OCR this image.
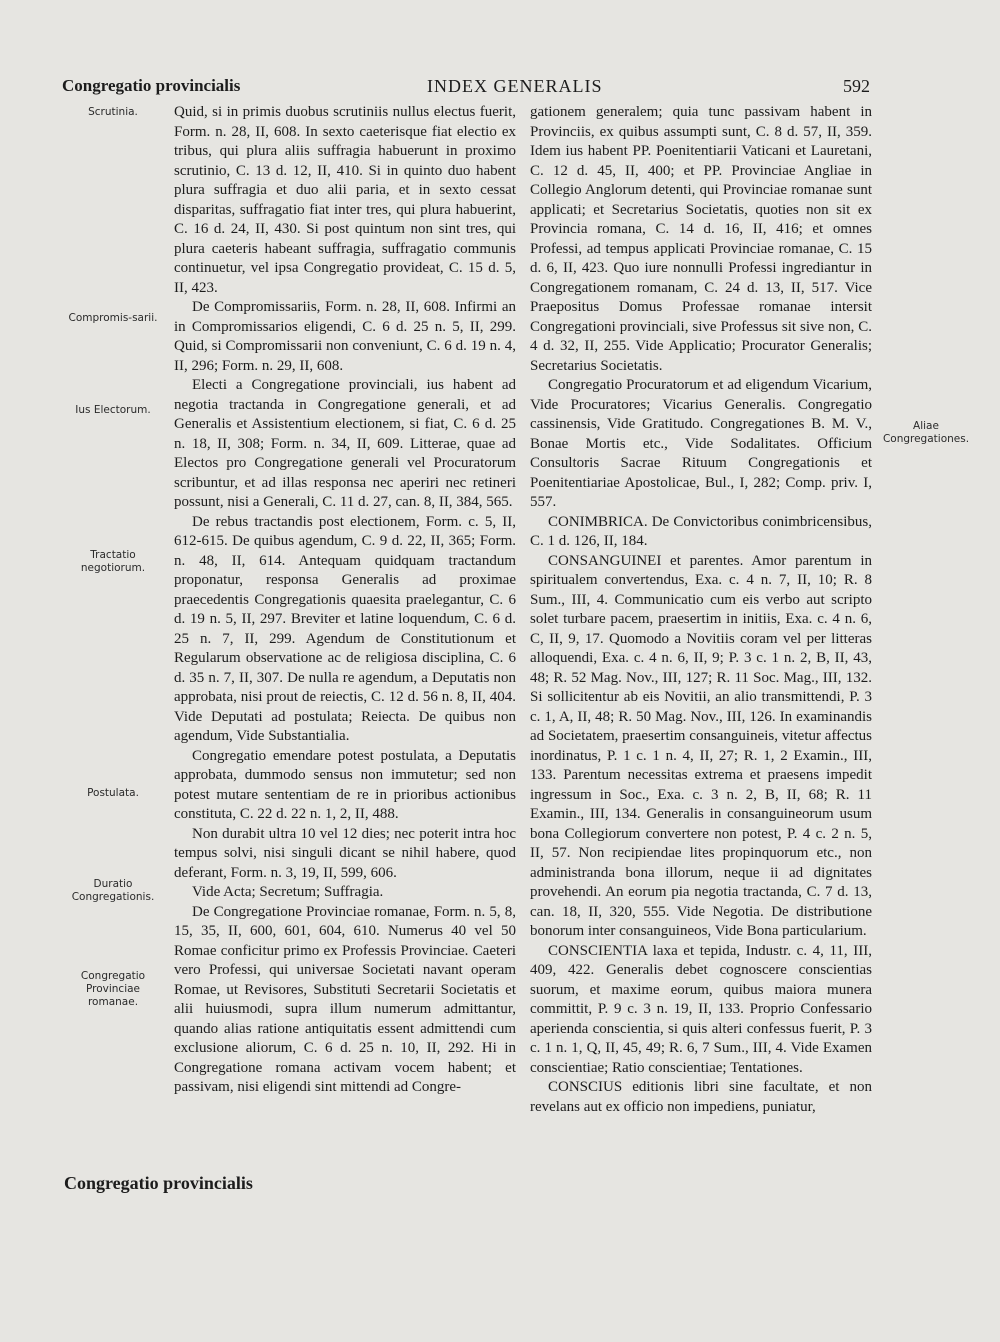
Congregatio provincialis	INDEX GENERALIS	592
Scrutinia.
Compromis-sarii.
Ius Electorum.
Tractatio negotiorum.
Postulata.
Duratio Congregationis.
Congregatio Provinciae romanae.
Aliae Congregationes.

Quid, si in primis duobus scrutiniis nullus electus fuerit, Form. n. 28, II, 608. In sexto caeterisque fiat electio ex tribus, qui plura aliis suffragia habuerunt in proximo scrutinio, C. 13 d. 12, II, 410. Si in quinto duo habent plura suffragia et duo alii paria, et in sexto cessat disparitas, suffragatio fiat inter tres, qui plura habuerint, C. 16 d. 24, II, 430. Si post quintum non sint tres, qui plura caeteris habeant suffragia, suffragatio communis continuetur, vel ipsa Congregatio provideat, C. 15 d. 5, II, 423.

De Compromissariis, Form. n. 28, II, 608. Infirmi an in Compromissarios eligendi, C. 6 d. 25 n. 5, II, 299. Quid, si Compromissarii non conveniunt, C. 6 d. 19 n. 4, II, 296; Form. n. 29, II, 608.

Electi a Congregatione provinciali, ius habent ad negotia tractanda in Congregatione generali, et ad Generalis et Assistentium electionem, si fiat, C. 6 d. 25 n. 18, II, 308; Form. n. 34, II, 609. Litterae, quae ad Electos pro Congregatione generali vel Procuratorum scribuntur, et ad illas responsa nec aperiri nec retineri possunt, nisi a Generali, C. 11 d. 27, can. 8, II, 384, 565.

De rebus tractandis post electionem, Form. c. 5, II, 612-615. De quibus agendum, C. 9 d. 22, II, 365; Form. n. 48, II, 614. Antequam quidquam tractandum proponatur, responsa Generalis ad proximae praecedentis Congregationis quaesita praelegantur, C. 6 d. 19 n. 5, II, 297. Breviter et latine loquendum, C. 6 d. 25 n. 7, II, 299. Agendum de Constitutionum et Regularum observatione ac de religiosa disciplina, C. 6 d. 35 n. 7, II, 307. De nulla re agendum, a Deputatis non approbata, nisi prout de reiectis, C. 12 d. 56 n. 8, II, 404. Vide Deputati ad postulata; Reiecta. De quibus non agendum, Vide Substantialia.

Congregatio emendare potest postulata, a Deputatis approbata, dummodo sensus non immutetur; sed non potest mutare sententiam de re in prioribus actionibus constituta, C. 22 d. 22 n. 1, 2, II, 488.

Non durabit ultra 10 vel 12 dies; nec poterit intra hoc tempus solvi, nisi singuli dicant se nihil habere, quod deferant, Form. n. 3, 19, II, 599, 606.

Vide Acta; Secretum; Suffragia.

De Congregatione Provinciae romanae, Form. n. 5, 8, 15, 35, II, 600, 601, 604, 610. Numerus 40 vel 50 Romae conficitur primo ex Professis Provinciae. Caeteri vero Professi, qui universae Societati navant operam Romae, ut Revisores, Substituti Secretarii Societatis et alii huiusmodi, supra illum numerum admittantur, quando alias ratione antiquitatis essent admittendi cum exclusione aliorum, C. 6 d. 25 n. 10, II, 292. Hi in Congregatione romana activam vocem habent; et passivam, nisi eligendi sint mittendi ad Congre-

gationem generalem; quia tunc passivam habent in Provinciis, ex quibus assumpti sunt, C. 8 d. 57, II, 359. Idem ius habent PP. Poenitentiarii Vaticani et Lauretani, C. 12 d. 45, II, 400; et PP. Provinciae Angliae in Collegio Anglorum detenti, qui Provinciae romanae sunt applicati; et Secretarius Societatis, quoties non sit ex Provincia romana, C. 14 d. 16, II, 416; et omnes Professi, ad tempus applicati Provinciae romanae, C. 15 d. 6, II, 423. Quo iure nonnulli Professi ingrediantur in Congregationem romanam, C. 24 d. 13, II, 517. Vice Praepositus Domus Professae romanae intersit Congregationi provinciali, sive Professus sit sive non, C. 4 d. 32, II, 255. Vide Applicatio; Procurator Generalis; Secretarius Societatis.

Congregatio Procuratorum et ad eligendum Vicarium, Vide Procuratores; Vicarius Generalis. Congregatio cassinensis, Vide Gratitudo. Congregationes B. M. V., Bonae Mortis etc., Vide Sodalitates. Officium Consultoris Sacrae Rituum Congregationis et Poenitentiariae Apostolicae, Bul., I, 282; Comp. priv. I, 557.

CONIMBRICA. De Convictoribus conimbricensibus, C. 1 d. 126, II, 184.

CONSANGUINEI et parentes. Amor parentum in spiritualem convertendus, Exa. c. 4 n. 7, II, 10; R. 8 Sum., III, 4. Communicatio cum eis verbo aut scripto solet turbare pacem, praesertim in initiis, Exa. c. 4 n. 6, C, II, 9, 17. Quomodo a Novitiis coram vel per litteras alloquendi, Exa. c. 4 n. 6, II, 9; P. 3 c. 1 n. 2, B, II, 43, 48; R. 52 Mag. Nov., III, 127; R. 11 Soc. Mag., III, 132. Si sollicitentur ab eis Novitii, an alio transmittendi, P. 3 c. 1, A, II, 48; R. 50 Mag. Nov., III, 126. In examinandis ad Societatem, praesertim consanguineis, vitetur affectus inordinatus, P. 1 c. 1 n. 4, II, 27; R. 1, 2 Examin., III, 133. Parentum necessitas extrema et praesens impedit ingressum in Soc., Exa. c. 3 n. 2, B, II, 68; R. 11 Examin., III, 134. Generalis in consanguineorum usum bona Collegiorum convertere non potest, P. 4 c. 2 n. 5, II, 57. Non recipiendae lites propinquorum etc., non administranda bona illorum, neque ii ad dignitates provehendi. An eorum pia negotia tractanda, C. 7 d. 13, can. 18, II, 320, 555. Vide Negotia. De distributione bonorum inter consanguineos, Vide Bona particularium.

CONSCIENTIA laxa et tepida, Industr. c. 4, 11, III, 409, 422. Generalis debet cognoscere conscientias suorum, et maxime eorum, quibus maiora munera committit, P. 9 c. 3 n. 19, II, 133. Proprio Confessario aperienda conscientia, si quis alteri confessus fuerit, P. 3 c. 1 n. 1, Q, II, 45, 49; R. 6, 7 Sum., III, 4. Vide Examen conscientiae; Ratio conscientiae; Tentationes.

CONSCIUS editionis libri sine facultate, et non revelans aut ex officio non impediens, puniatur,

Congregatio provincialis
